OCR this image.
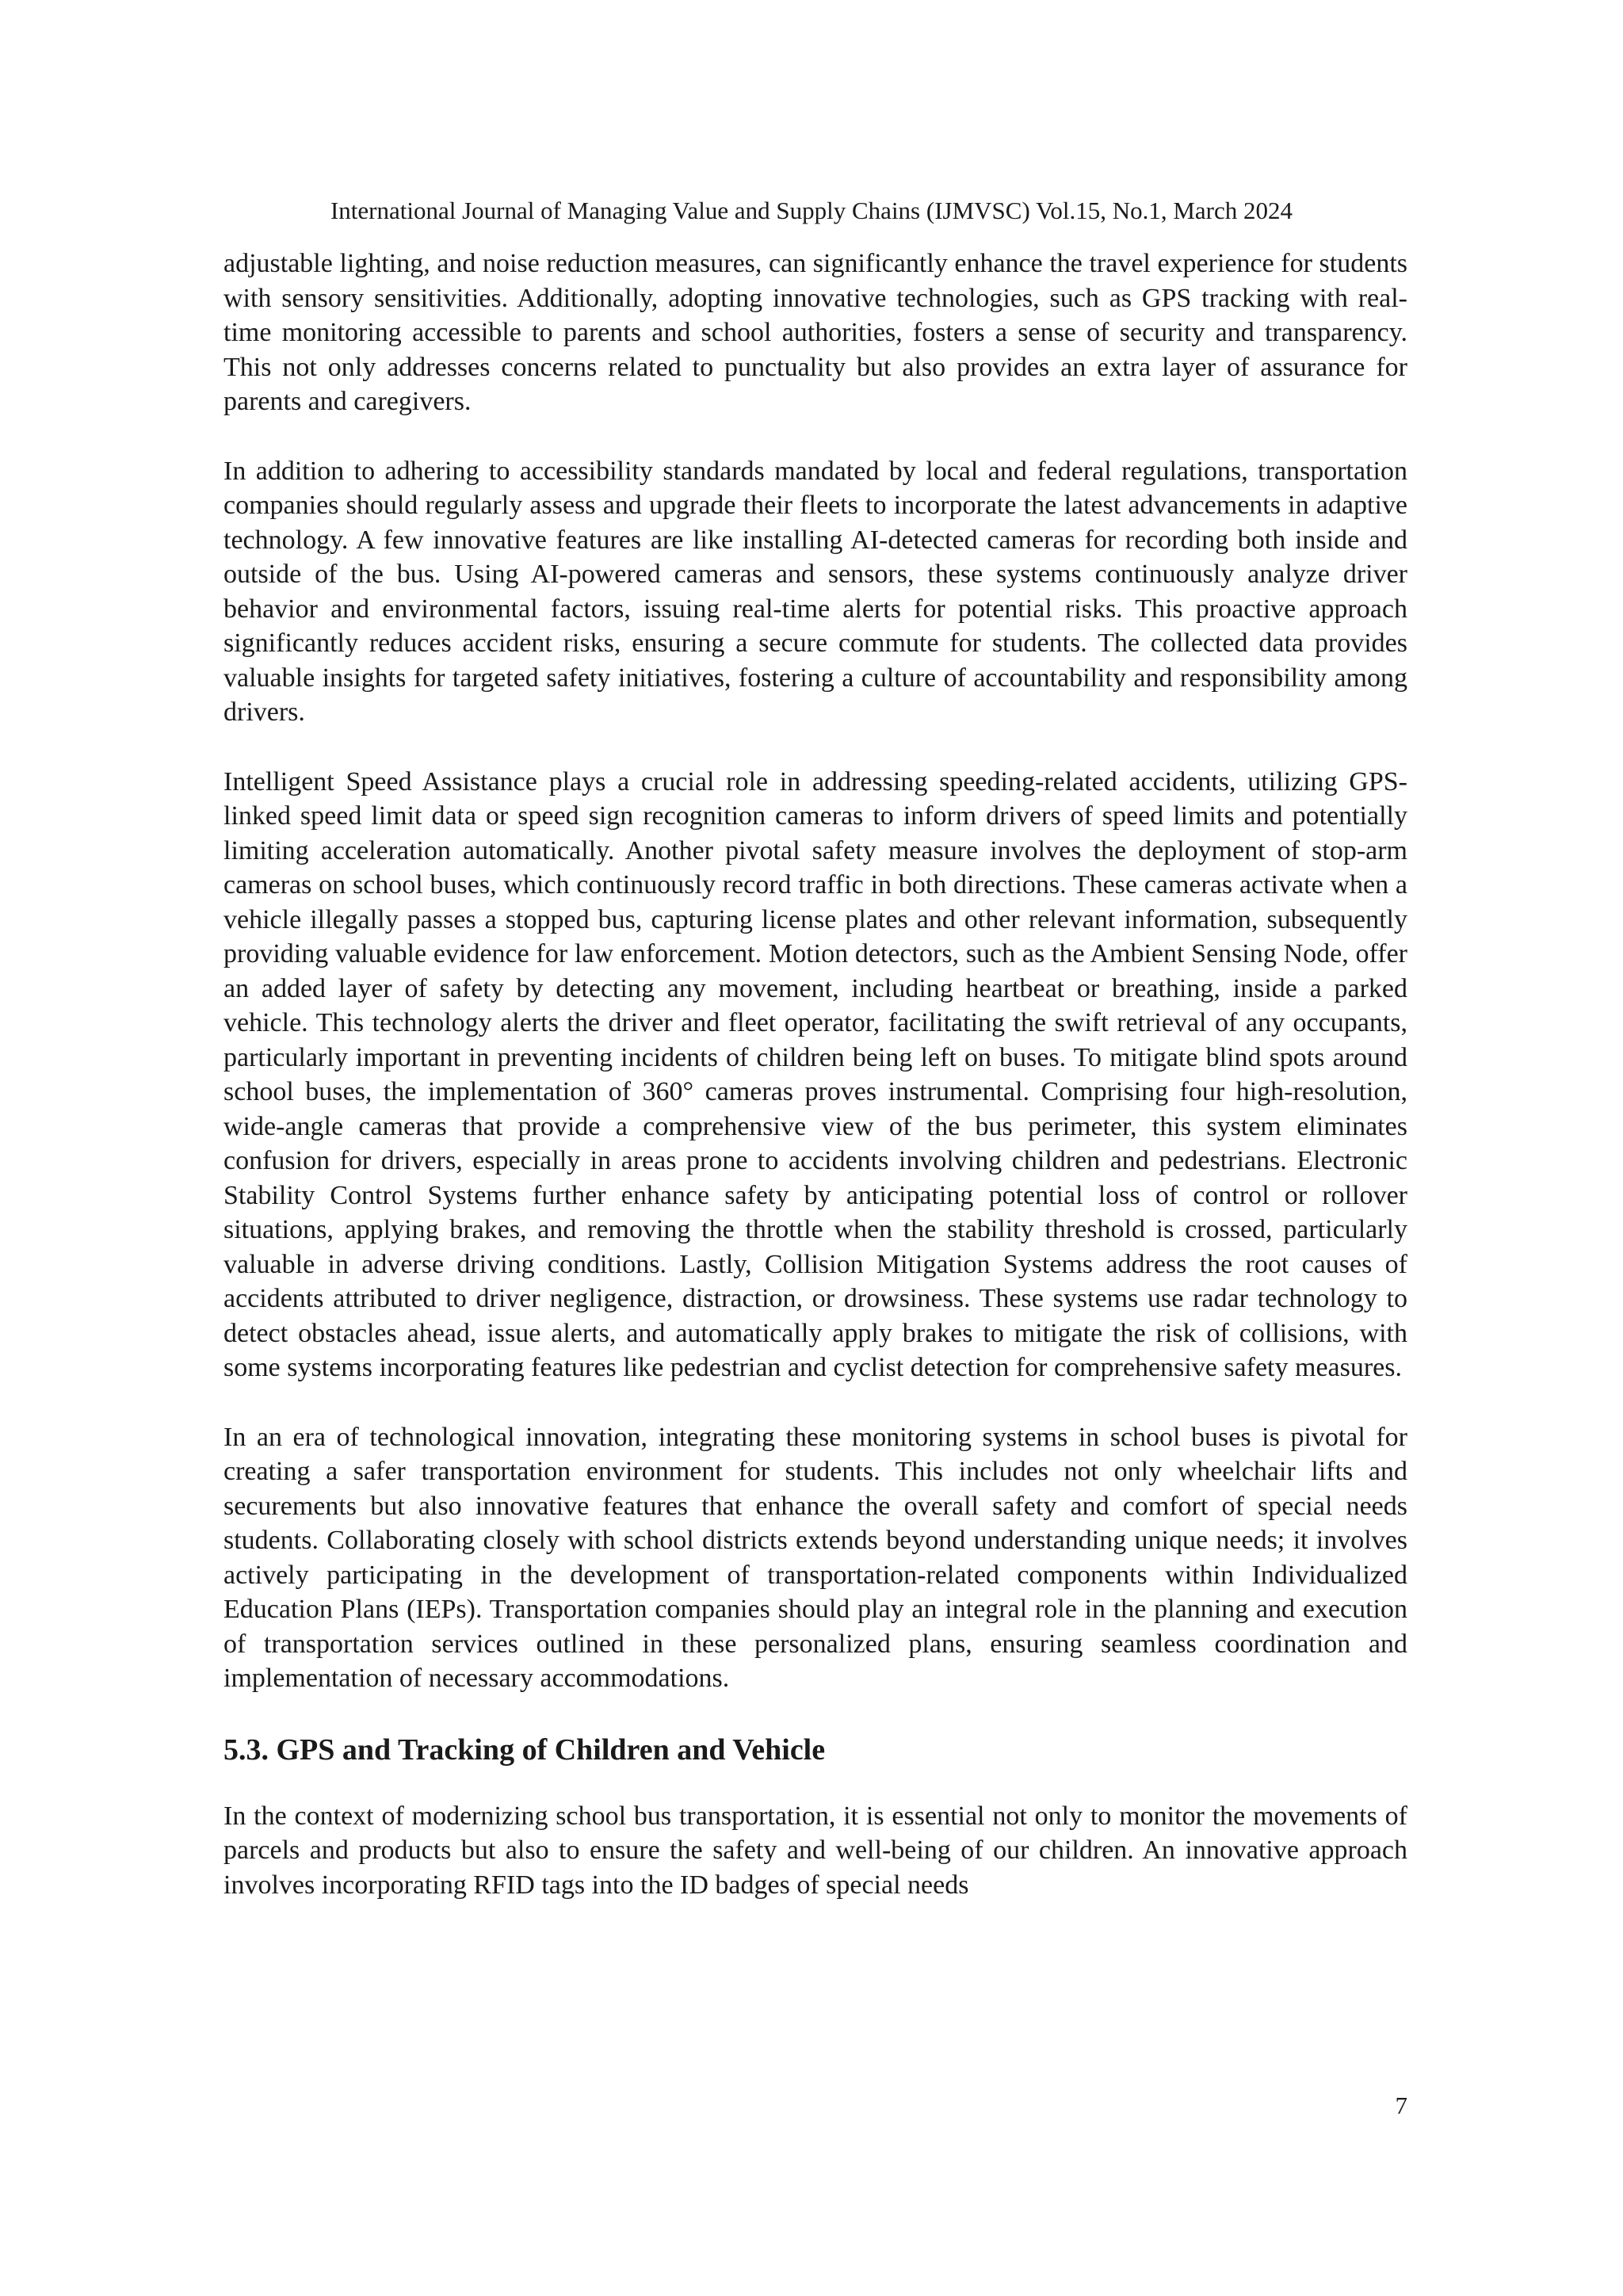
International Journal of Managing Value and Supply Chains (IJMVSC) Vol.15, No.1, March 2024

adjustable lighting, and noise reduction measures, can significantly enhance the travel experience for students with sensory sensitivities. Additionally, adopting innovative technologies, such as GPS tracking with real-time monitoring accessible to parents and school authorities, fosters a sense of security and transparency. This not only addresses concerns related to punctuality but also provides an extra layer of assurance for parents and caregivers.

In addition to adhering to accessibility standards mandated by local and federal regulations, transportation companies should regularly assess and upgrade their fleets to incorporate the latest advancements in adaptive technology. A few innovative features are like installing AI-detected cameras for recording both inside and outside of the bus. Using AI-powered cameras and sensors, these systems continuously analyze driver behavior and environmental factors, issuing real-time alerts for potential risks. This proactive approach significantly reduces accident risks, ensuring a secure commute for students. The collected data provides valuable insights for targeted safety initiatives, fostering a culture of accountability and responsibility among drivers.

Intelligent Speed Assistance plays a crucial role in addressing speeding-related accidents, utilizing GPS-linked speed limit data or speed sign recognition cameras to inform drivers of speed limits and potentially limiting acceleration automatically. Another pivotal safety measure involves the deployment of stop-arm cameras on school buses, which continuously record traffic in both directions. These cameras activate when a vehicle illegally passes a stopped bus, capturing license plates and other relevant information, subsequently providing valuable evidence for law enforcement. Motion detectors, such as the Ambient Sensing Node, offer an added layer of safety by detecting any movement, including heartbeat or breathing, inside a parked vehicle. This technology alerts the driver and fleet operator, facilitating the swift retrieval of any occupants, particularly important in preventing incidents of children being left on buses. To mitigate blind spots around school buses, the implementation of 360° cameras proves instrumental. Comprising four high-resolution, wide-angle cameras that provide a comprehensive view of the bus perimeter, this system eliminates confusion for drivers, especially in areas prone to accidents involving children and pedestrians. Electronic Stability Control Systems further enhance safety by anticipating potential loss of control or rollover situations, applying brakes, and removing the throttle when the stability threshold is crossed, particularly valuable in adverse driving conditions. Lastly, Collision Mitigation Systems address the root causes of accidents attributed to driver negligence, distraction, or drowsiness. These systems use radar technology to detect obstacles ahead, issue alerts, and automatically apply brakes to mitigate the risk of collisions, with some systems incorporating features like pedestrian and cyclist detection for comprehensive safety measures.

In an era of technological innovation, integrating these monitoring systems in school buses is pivotal for creating a safer transportation environment for students. This includes not only wheelchair lifts and securements but also innovative features that enhance the overall safety and comfort of special needs students. Collaborating closely with school districts extends beyond understanding unique needs; it involves actively participating in the development of transportation-related components within Individualized Education Plans (IEPs). Transportation companies should play an integral role in the planning and execution of transportation services outlined in these personalized plans, ensuring seamless coordination and implementation of necessary accommodations.

5.3. GPS and Tracking of Children and Vehicle

In the context of modernizing school bus transportation, it is essential not only to monitor the movements of parcels and products but also to ensure the safety and well-being of our children. An innovative approach involves incorporating RFID tags into the ID badges of special needs

7
